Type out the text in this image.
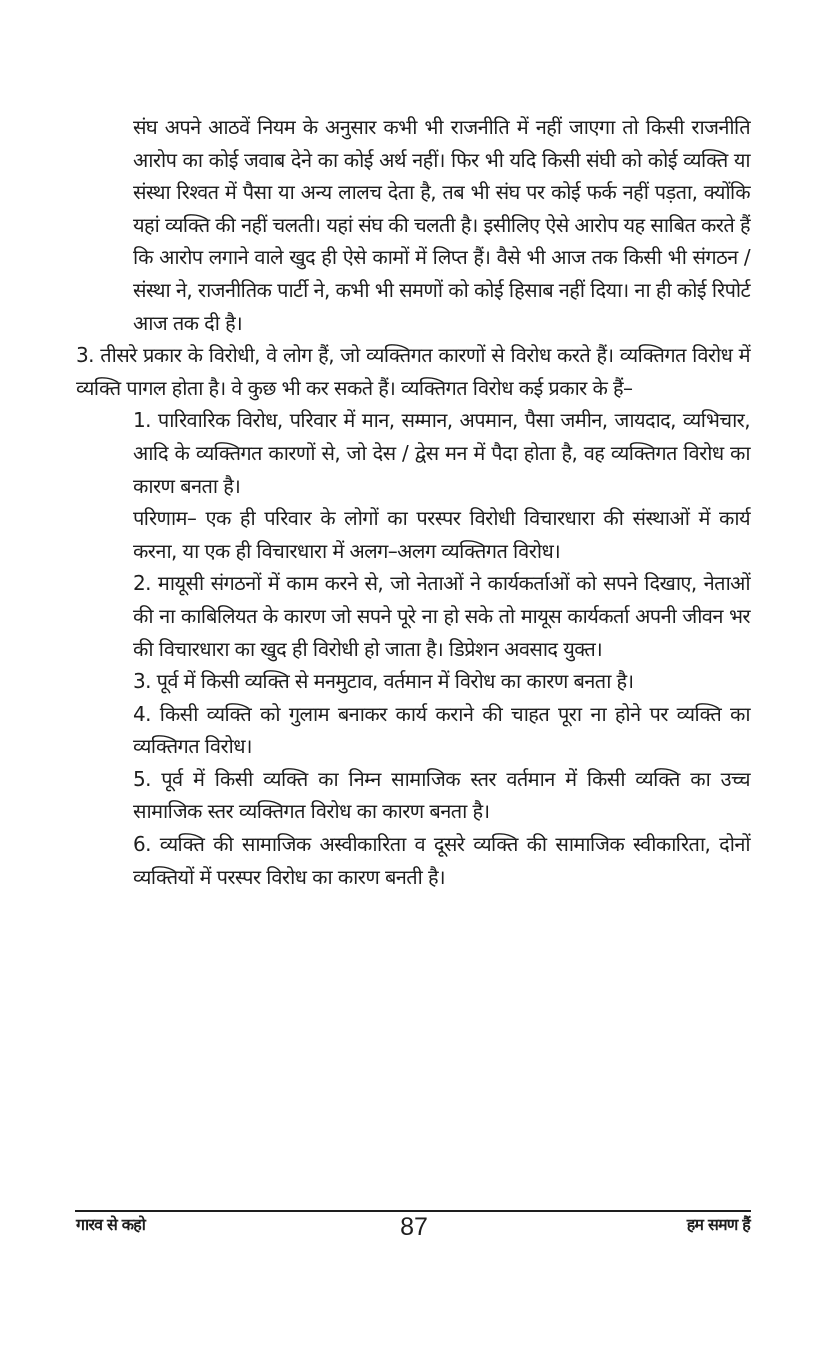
संघ अपने आठवें नियम के अनुसार कभी भी राजनीति में नहीं जाएगा तो किसी राजनीति आरोप का कोई जवाब देने का कोई अर्थ नहीं। फिर भी यदि किसी संघी को कोई व्यक्ति या संस्था रिश्वत में पैसा या अन्य लालच देता है, तब भी संघ पर कोई फर्क नहीं पड़ता, क्योंकि यहां व्यक्ति की नहीं चलती। यहां संघ की चलती है। इसीलिए ऐसे आरोप यह साबित करते हैं कि आरोप लगाने वाले खुद ही ऐसे कामों में लिप्त हैं। वैसे भी आज तक किसी भी संगठन / संस्था ने, राजनीतिक पार्टी ने, कभी भी समणों को कोई हिसाब नहीं दिया। ना ही कोई रिपोर्ट आज तक दी है।

3. तीसरे प्रकार के विरोधी, वे लोग हैं, जो व्यक्तिगत कारणों से विरोध करते हैं। व्यक्तिगत विरोध में व्यक्ति पागल होता है। वे कुछ भी कर सकते हैं। व्यक्तिगत विरोध कई प्रकार के हैं–

1. पारिवारिक विरोध, परिवार में मान, सम्मान, अपमान, पैसा जमीन, जायदाद, व्यभिचार, आदि के व्यक्तिगत कारणों से, जो देस / द्वेस मन में पैदा होता है, वह व्यक्तिगत विरोध का कारण बनता है।

परिणाम– एक ही परिवार के लोगों का परस्पर विरोधी विचारधारा की संस्थाओं में कार्य करना, या एक ही विचारधारा में अलग–अलग व्यक्तिगत विरोध।

2. मायूसी संगठनों में काम करने से, जो नेताओं ने कार्यकर्ताओं को सपने दिखाए, नेताओं की ना काबिलियत के कारण जो सपने पूरे ना हो सके तो मायूस कार्यकर्ता अपनी जीवन भर की विचारधारा का खुद ही विरोधी हो जाता है। डिप्रेशन अवसाद युक्त।

3. पूर्व में किसी व्यक्ति से मनमुटाव, वर्तमान में विरोध का कारण बनता है।

4. किसी व्यक्ति को गुलाम बनाकर कार्य कराने की चाहत पूरा ना होने पर व्यक्ति का व्यक्तिगत विरोध।

5. पूर्व में किसी व्यक्ति का निम्न सामाजिक स्तर वर्तमान में किसी व्यक्ति का उच्च सामाजिक स्तर व्यक्तिगत विरोध का कारण बनता है।

6. व्यक्ति की सामाजिक अस्वीकारिता व दूसरे व्यक्ति की सामाजिक स्वीकारिता, दोनों व्यक्तियों में परस्पर विरोध का कारण बनती है।

गारव से कहो	87	हम समण हैं
